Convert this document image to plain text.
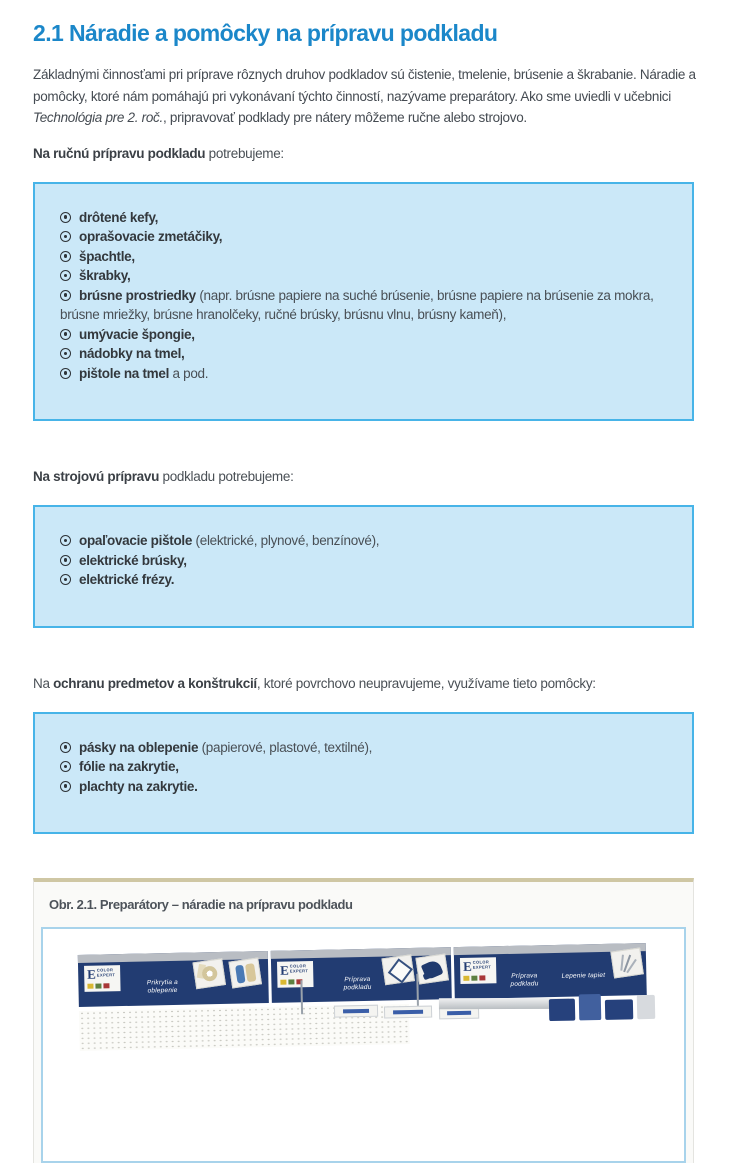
2.1 Náradie a pomôcky na prípravu podkladu

Základnými činnosťami pri príprave rôznych druhov podkladov sú čistenie, tmelenie, brúsenie a škrabanie. Náradie a pomôcky, ktoré nám pomáhajú pri vykonávaní týchto činností, nazývame preparátory. Ako sme uviedli v učebnici Technológia pre 2. roč., pripravovať podklady pre nátery môžeme ručne alebo strojovo.

Na ručnú prípravu podkladu potrebujeme:

drôtené kefy,
oprašovacie zmetáčiky,
špachtle,
škrabky,
brúsne prostriedky (napr. brúsne papiere na suché brúsenie, brúsne papiere na brúsenie za mokra, brúsne mriežky, brúsne hranolčeky, ručné brúsky, brúsnu vlnu, brúsny kameň),
umývacie špongie,
nádobky na tmel,
pištole na tmel a pod.

Na strojovú prípravu podkladu potrebujeme:

opaľovacie pištole (elektrické, plynové, benzínové),
elektrické brúsky,
elektrické frézy.

Na ochranu predmetov a konštrukcií, ktoré povrchovo neupravujeme, využívame tieto pomôcky:

pásky na oblepenie (papierové, plastové, textilné),
fólie na zakrytie,
plachty na zakrytie.
Obr. 2.1. Preparátory – náradie na prípravu podkladu
E COLOR
EXPERT
Prikrytia a oblepenie
E COLOR
EXPERT
Príprava podkladu
E COLOR
EXPERT
Príprava podkladu
Lepenie tapiet
